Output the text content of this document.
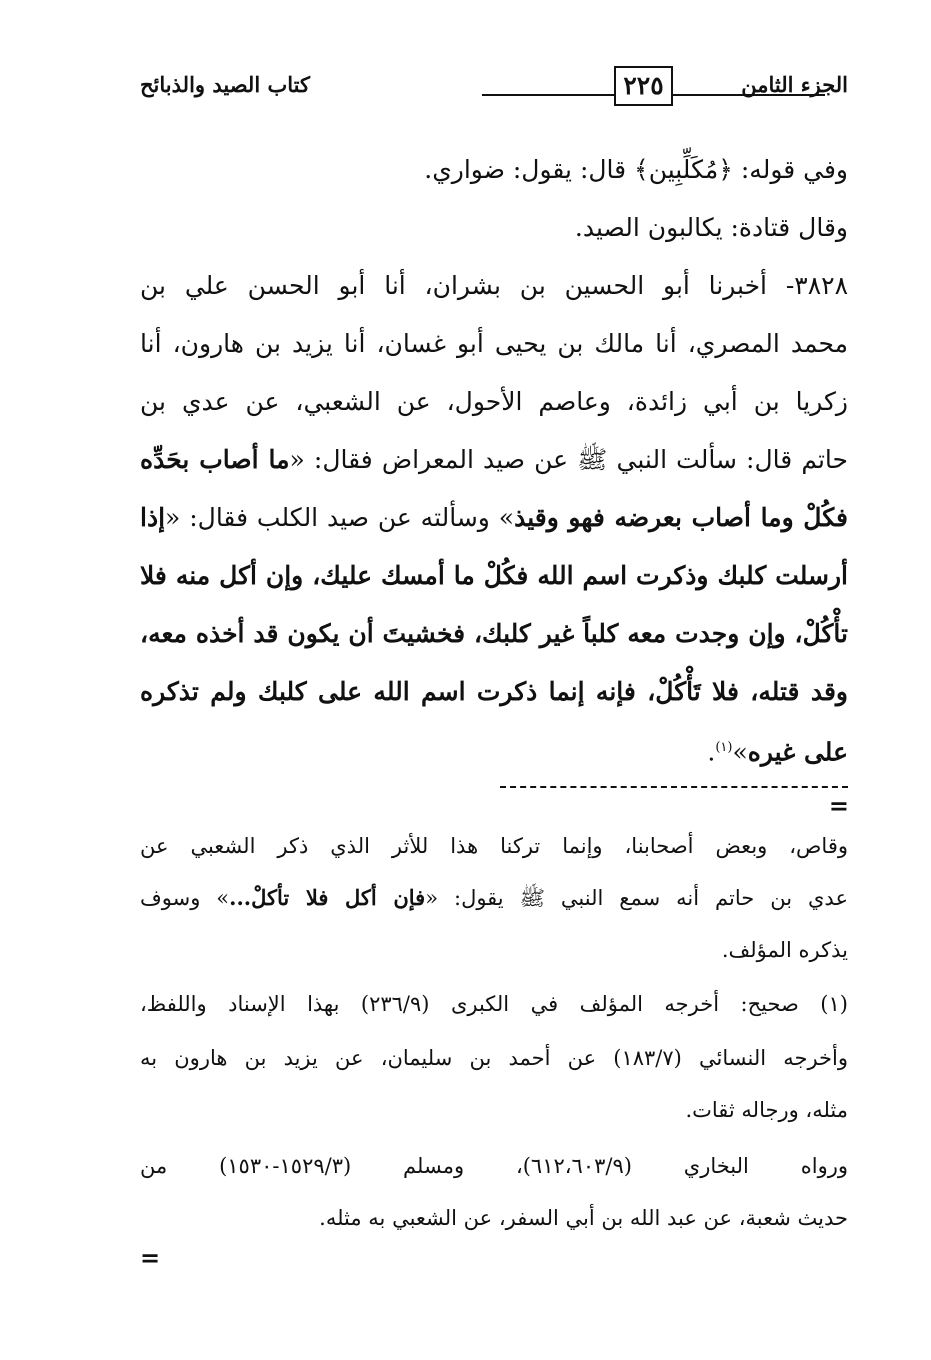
الجزء الثامن
٢٢٥
كتاب الصيد والذبائح
وفي قوله: ﴿مُكَلِّبِين﴾ قال: يقول: ضواري.
وقال قتادة: يكالبون الصيد.
٣٨٢٨- أخبرنا أبو الحسين بن بشران، أنا أبو الحسن علي بن
محمد المصري، أنا مالك بن يحيى أبو غسان، أنا يزيد بن هارون، أنا
زكريا بن أبي زائدة، وعاصم الأحول، عن الشعبي، عن عدي بن
حاتم قال: سألت النبي ﷺ عن صيد المعراض فقال: «ما أصاب بحَدِّه
فكُلْ وما أصاب بعرضه فهو وقيذ» وسألته عن صيد الكلب فقال: «إذا
أرسلت كلبك وذكرت اسم الله فكُلْ ما أمسك عليك، وإن أكل منه فلا
تأْكُلْ، وإن وجدت معه كلباً غير كلبك، فخشيتَ أن يكون قد أخذه معه،
وقد قتله، فلا تَأْكُلْ، فإنه إنما ذكرت اسم الله على كلبك ولم تذكره
على غيره»$^{(١)}$.
=
وقاص، وبعض أصحابنا، وإنما تركنا هذا للأثر الذي ذكر الشعبي عن
عدي بن حاتم أنه سمع النبي ﷺ يقول: «فإن أكل فلا تأكلْ...» وسوف
يذكره المؤلف.
(١) صحيح: أخرجه المؤلف في الكبرى (٢٣٦/٩) بهذا الإسناد واللفظ،
وأخرجه النسائي (١٨٣/٧) عن أحمد بن سليمان، عن يزيد بن هارون به
مثله، ورجاله ثقات.
ورواه البخاري (٦١٢،٦٠٣/٩)، ومسلم (١٥٢٩/٣-١٥٣٠) من
حديث شعبة، عن عبد الله بن أبي السفر، عن الشعبي به مثله.
=
